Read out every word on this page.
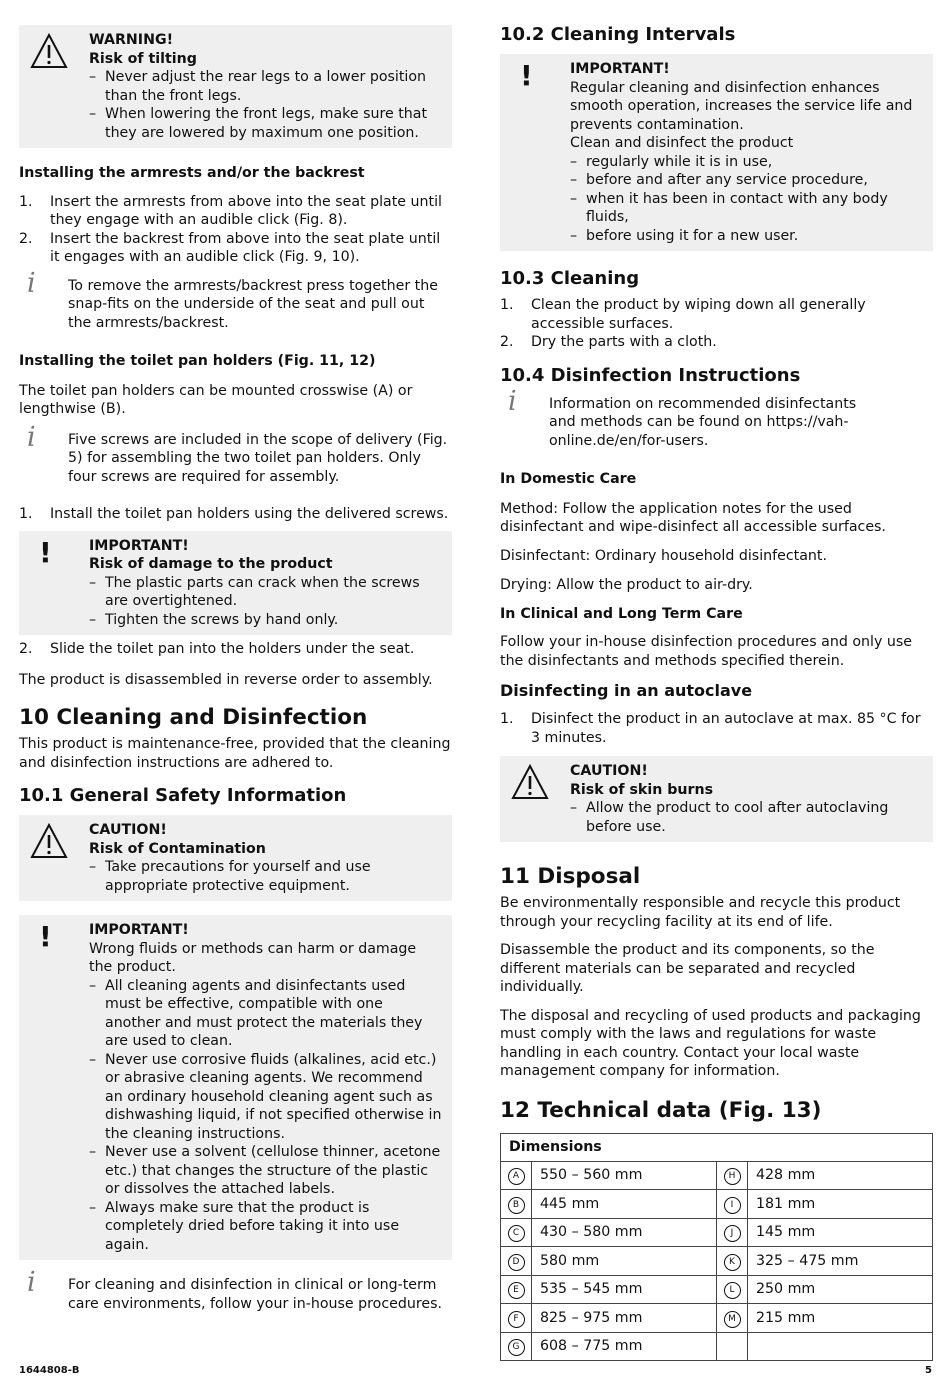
WARNING!
Risk of tilting
– Never adjust the rear legs to a lower position than the front legs.
– When lowering the front legs, make sure that they are lowered by maximum one position.
Installing the armrests and/or the backrest
1. Insert the armrests from above into the seat plate until they engage with an audible click (Fig. 8).
2. Insert the backrest from above into the seat plate until it engages with an audible click (Fig. 9, 10).
i To remove the armrests/backrest press together the snap-fits on the underside of the seat and pull out the armrests/backrest.
Installing the toilet pan holders (Fig. 11, 12)

The toilet pan holders can be mounted crosswise (A) or lengthwise (B).

i Five screws are included in the scope of delivery (Fig. 5) for assembling the two toilet pan holders. Only four screws are required for assembly.
1. Install the toilet pan holders using the delivered screws.
!	IMPORTANT!
Risk of damage to the product
– The plastic parts can crack when the screws are overtightened.
– Tighten the screws by hand only.
2. Slide the toilet pan into the holders under the seat.

The product is disassembled in reverse order to assembly.

10 Cleaning and Disinfection

This product is maintenance-free, provided that the cleaning and disinfection instructions are adhered to.

10.1 General Safety Information
CAUTION!
Risk of Contamination
– Take precautions for yourself and use appropriate protective equipment.
!	IMPORTANT!
Wrong fluids or methods can harm or damage the product.
– All cleaning agents and disinfectants used must be effective, compatible with one another and must protect the materials they are used to clean.
– Never use corrosive fluids (alkalines, acid etc.) or abrasive cleaning agents. We recommend an ordinary household cleaning agent such as dishwashing liquid, if not specified otherwise in the cleaning instructions.
– Never use a solvent (cellulose thinner, acetone etc.) that changes the structure of the plastic or dissolves the attached labels.
– Always make sure that the product is completely dried before taking it into use again.
i For cleaning and disinfection in clinical or long-term care environments, follow your in-house procedures.
10.2 Cleaning Intervals
!	IMPORTANT!
Regular cleaning and disinfection enhances smooth operation, increases the service life and prevents contamination.
Clean and disinfect the product
– regularly while it is in use,
– before and after any service procedure,
– when it has been in contact with any body fluids,
– before using it for a new user.
10.3 Cleaning
1. Clean the product by wiping down all generally accessible surfaces.
2. Dry the parts with a cloth.
10.4 Disinfection Instructions
i Information on recommended disinfectants and methods can be found on https://vah-online.de/en/for-users.
In Domestic Care

Method: Follow the application notes for the used disinfectant and wipe-disinfect all accessible surfaces.

Disinfectant: Ordinary household disinfectant.

Drying: Allow the product to air-dry.

In Clinical and Long Term Care

Follow your in-house disinfection procedures and only use the disinfectants and methods specified therein.

Disinfecting in an autoclave
1. Disinfect the product in an autoclave at max. 85 °C for 3 minutes.
CAUTION!
Risk of skin burns
– Allow the product to cool after autoclaving before use.
11 Disposal

Be environmentally responsible and recycle this product through your recycling facility at its end of life.

Disassemble the product and its components, so the different materials can be separated and recycled individually.

The disposal and recycling of used products and packaging must comply with the laws and regulations for waste handling in each country. Contact your local waste management company for information.

12 Technical data (Fig. 13)
Dimensions			
A	550 – 560 mm	H	428 mm
B	445 mm	I	181 mm
C	430 – 580 mm	J	145 mm
D	580 mm	K	325 – 475 mm
E	535 – 545 mm	L	250 mm
F	825 – 975 mm	M	215 mm
G	608 – 775 mm		
1644808-B	5
